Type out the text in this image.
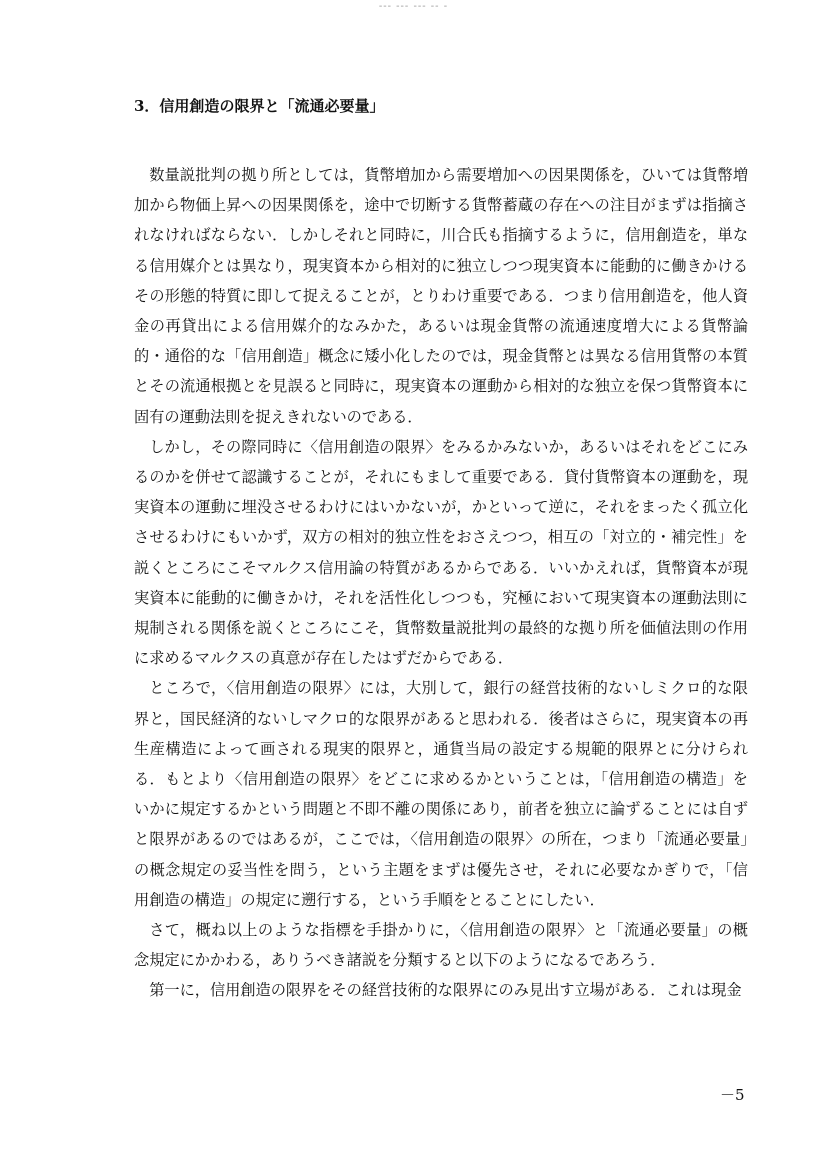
--- --- --- -- -
3．信用創造の限界と「流通必要量」

数量説批判の拠り所としては，貨幣増加から需要増加への因果関係を，ひいては貨幣増加から物価上昇への因果関係を，途中で切断する貨幣蓄蔵の存在への注目がまずは指摘されなければならない．しかしそれと同時に，川合氏も指摘するように，信用創造を，単なる信用媒介とは異なり，現実資本から相対的に独立しつつ現実資本に能動的に働きかけるその形態的特質に即して捉えることが，とりわけ重要である．つまり信用創造を，他人資金の再貸出による信用媒介的なみかた，あるいは現金貨幣の流通速度増大による貨幣論的・通俗的な「信用創造」概念に矮小化したのでは，現金貨幣とは異なる信用貨幣の本質とその流通根拠とを見誤ると同時に，現実資本の運動から相対的な独立を保つ貨幣資本に固有の運動法則を捉えきれないのである．

しかし，その際同時に〈信用創造の限界〉をみるかみないか，あるいはそれをどこにみるのかを併せて認識することが，それにもまして重要である．貸付貨幣資本の運動を，現実資本の運動に埋没させるわけにはいかないが，かといって逆に，それをまったく孤立化させるわけにもいかず，双方の相対的独立性をおさえつつ，相互の「対立的・補完性」を説くところにこそマルクス信用論の特質があるからである．いいかえれば，貨幣資本が現実資本に能動的に働きかけ，それを活性化しつつも，究極において現実資本の運動法則に規制される関係を説くところにこそ，貨幣数量説批判の最終的な拠り所を価値法則の作用に求めるマルクスの真意が存在したはずだからである．

ところで，〈信用創造の限界〉には，大別して，銀行の経営技術的ないしミクロ的な限界と，国民経済的ないしマクロ的な限界があると思われる．後者はさらに，現実資本の再生産構造によって画される現実的限界と，通貨当局の設定する規範的限界とに分けられる．もとより〈信用創造の限界〉をどこに求めるかということは，「信用創造の構造」をいかに規定するかという問題と不即不離の関係にあり，前者を独立に論ずることには自ずと限界があるのではあるが，ここでは，〈信用創造の限界〉の所在，つまり「流通必要量」の概念規定の妥当性を問う，という主題をまずは優先させ，それに必要なかぎりで，「信用創造の構造」の規定に遡行する，という手順をとることにしたい．

さて，概ね以上のような指標を手掛かりに，〈信用創造の限界〉と「流通必要量」の概念規定にかかわる，ありうべき諸説を分類すると以下のようになるであろう．

第一に，信用創造の限界をその経営技術的な限界にのみ見出す立場がある．これは現金

－5
